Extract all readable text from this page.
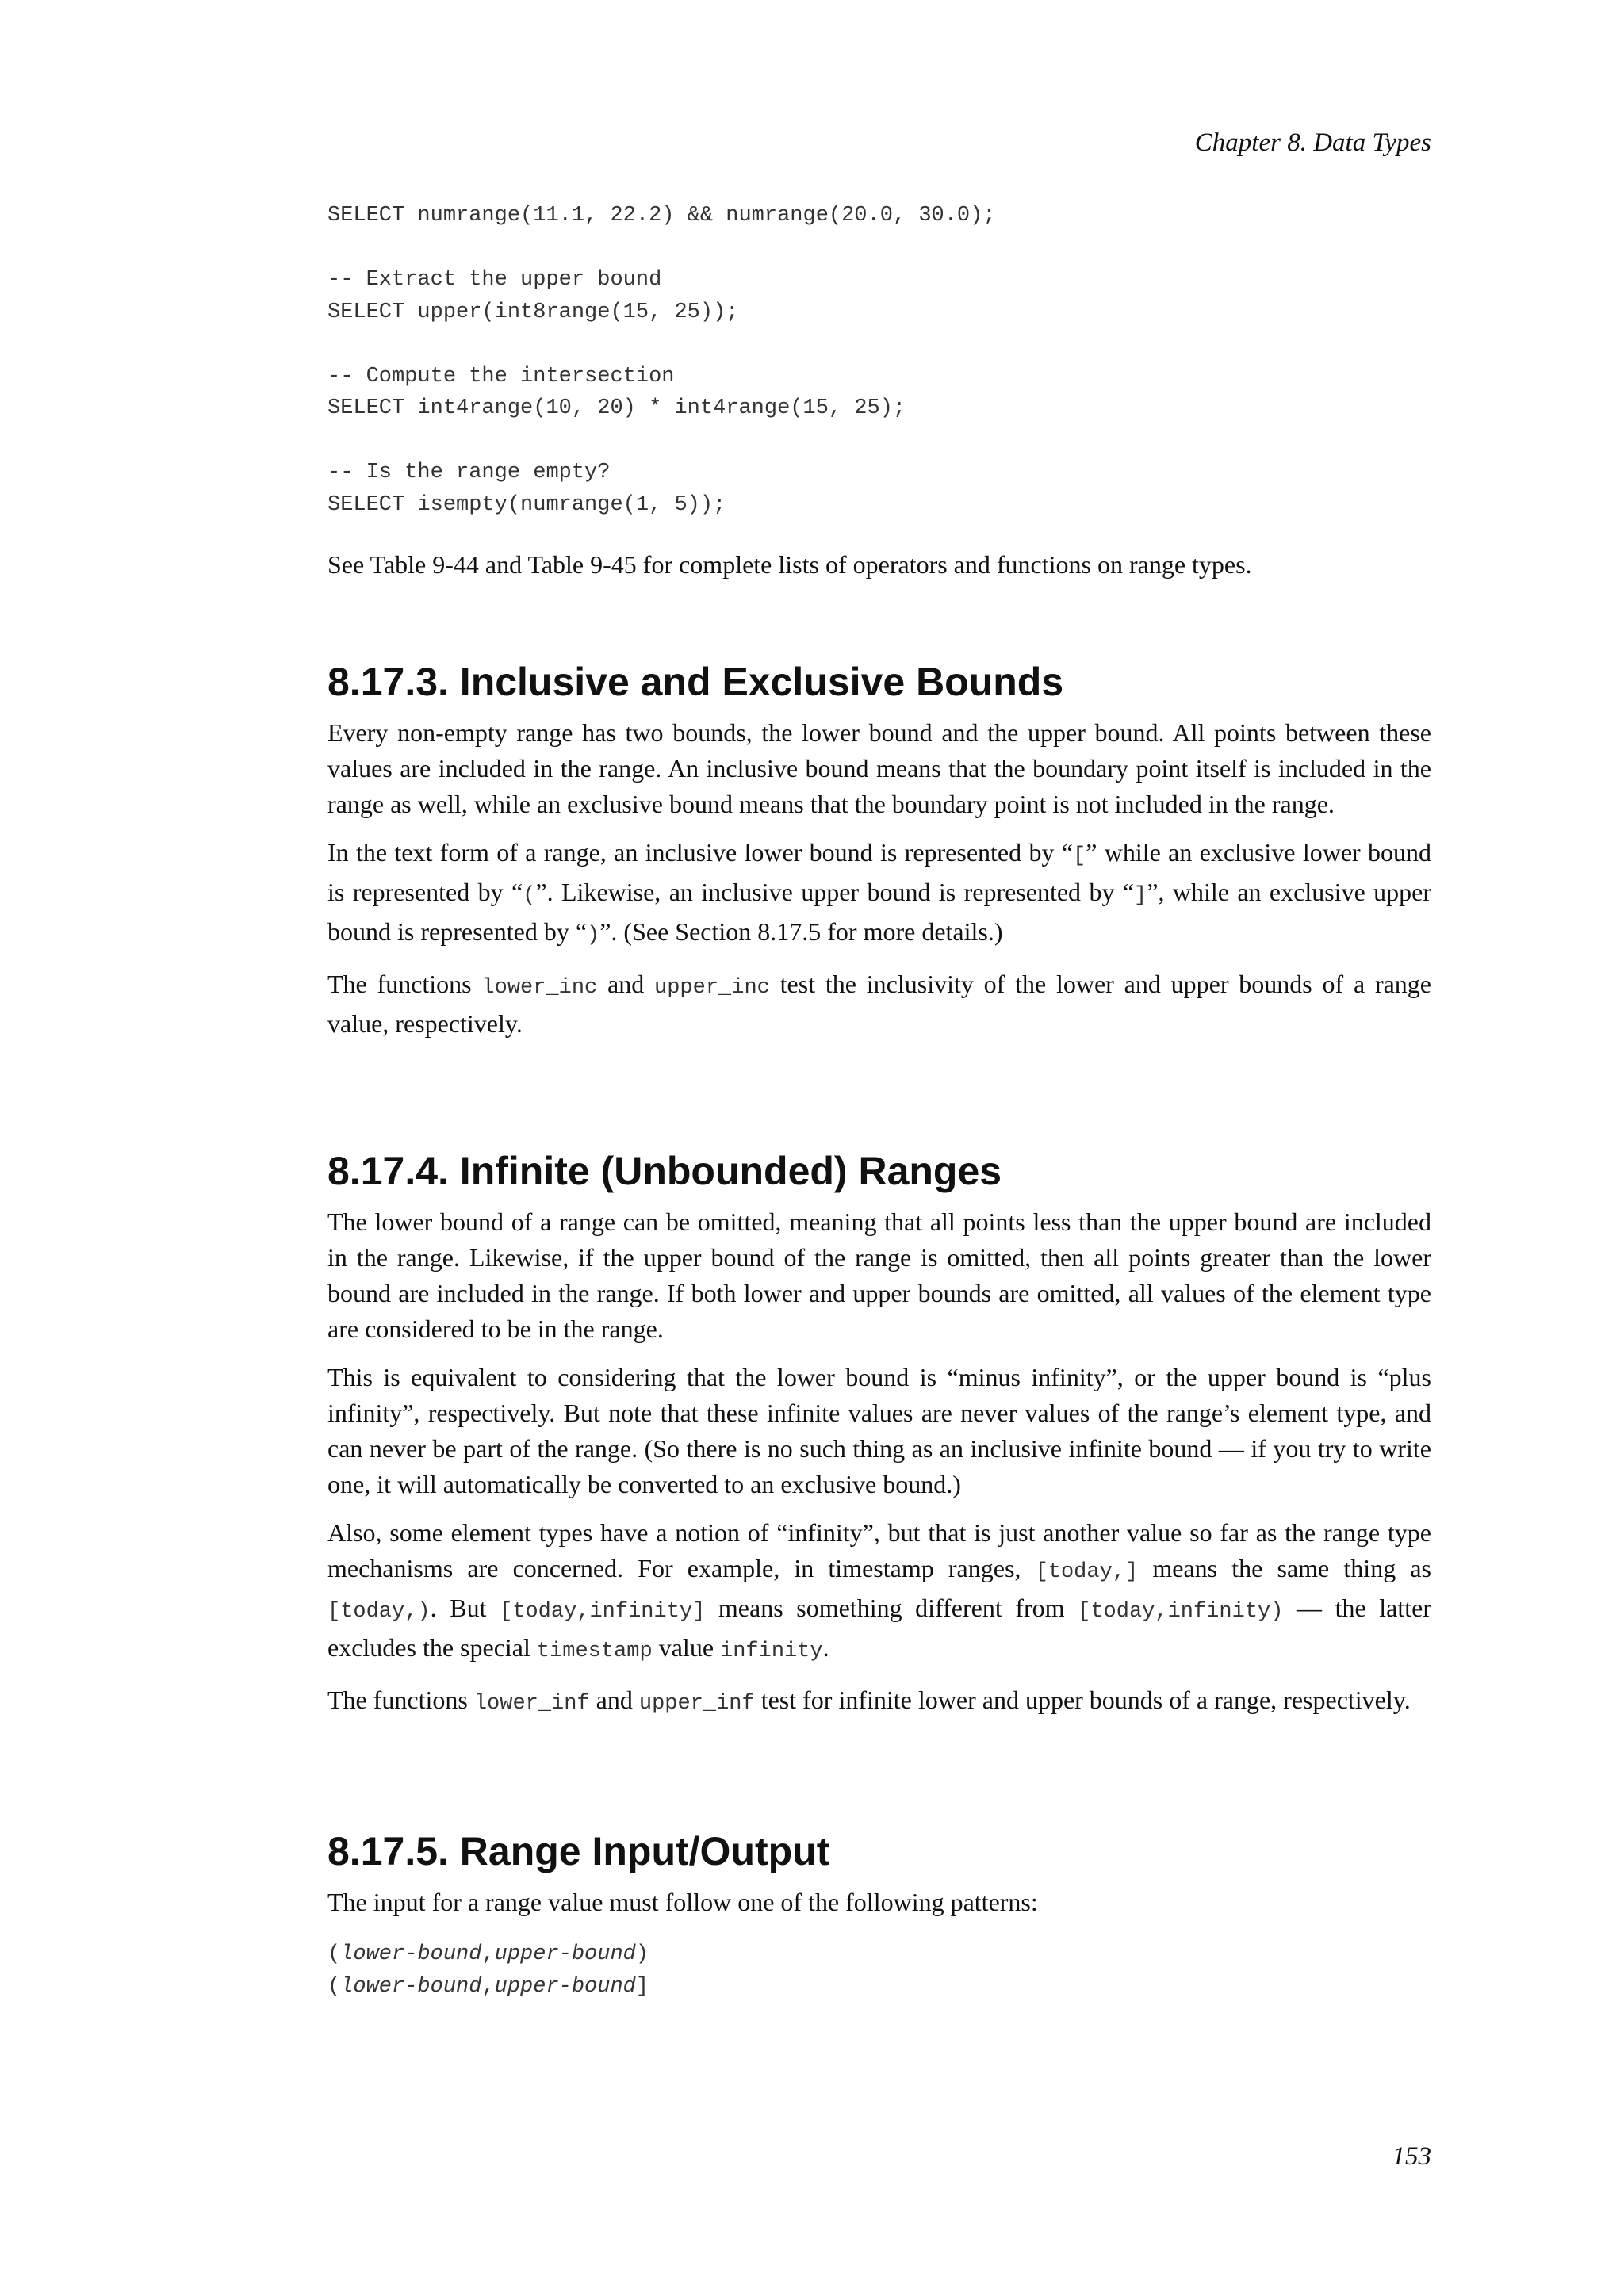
Chapter 8. Data Types
SELECT numrange(11.1, 22.2) && numrange(20.0, 30.0);
-- Extract the upper bound
SELECT upper(int8range(15, 25));
-- Compute the intersection
SELECT int4range(10, 20) * int4range(15, 25);
-- Is the range empty?
SELECT isempty(numrange(1, 5));

See Table 9-44 and Table 9-45 for complete lists of operators and functions on range types.

8.17.3. Inclusive and Exclusive Bounds

Every non-empty range has two bounds, the lower bound and the upper bound. All points between these values are included in the range. An inclusive bound means that the boundary point itself is included in the range as well, while an exclusive bound means that the boundary point is not included in the range.

In the text form of a range, an inclusive lower bound is represented by “[” while an exclusive lower bound is represented by “(”. Likewise, an inclusive upper bound is represented by “]”, while an exclusive upper bound is represented by “)”. (See Section 8.17.5 for more details.)

The functions lower_inc and upper_inc test the inclusivity of the lower and upper bounds of a range value, respectively.

8.17.4. Infinite (Unbounded) Ranges

The lower bound of a range can be omitted, meaning that all points less than the upper bound are included in the range. Likewise, if the upper bound of the range is omitted, then all points greater than the lower bound are included in the range. If both lower and upper bounds are omitted, all values of the element type are considered to be in the range.

This is equivalent to considering that the lower bound is “minus infinity”, or the upper bound is “plus infinity”, respectively. But note that these infinite values are never values of the range’s element type, and can never be part of the range. (So there is no such thing as an inclusive infinite bound — if you try to write one, it will automatically be converted to an exclusive bound.)

Also, some element types have a notion of “infinity”, but that is just another value so far as the range type mechanisms are concerned. For example, in timestamp ranges, [today,] means the same thing as [today,). But [today,infinity] means something different from [today,infinity) — the latter excludes the special timestamp value infinity.

The functions lower_inf and upper_inf test for infinite lower and upper bounds of a range, respectively.

8.17.5. Range Input/Output

The input for a range value must follow one of the following patterns:

(lower-bound,upper-bound)
(lower-bound,upper-bound]
153
